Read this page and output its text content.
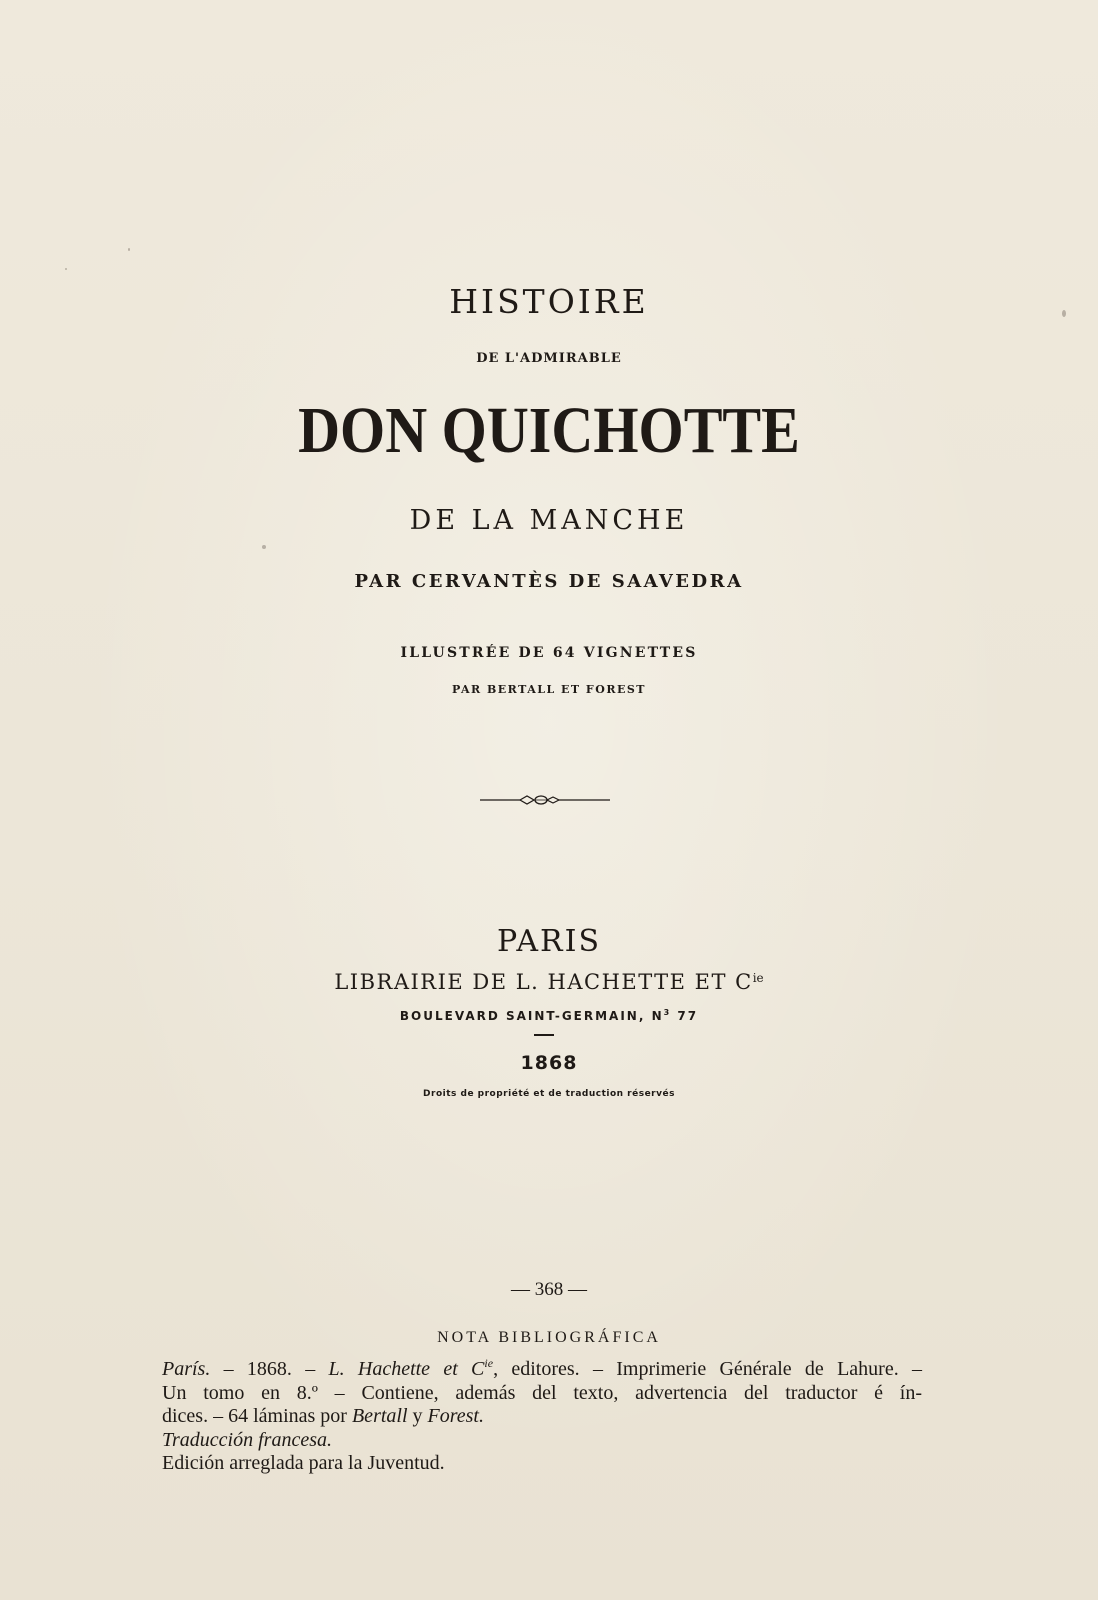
HISTOIRE
DE L'ADMIRABLE
DON QUICHOTTE
DE LA MANCHE
PAR CERVANTÈS DE SAAVEDRA
ILLUSTRÉE DE 64 VIGNETTES
PAR BERTALL ET FOREST
PARIS
LIBRAIRIE DE L. HACHETTE ET $C^{ie}$
BOULEVARD SAINT-GERMAIN, $N^3$ 77
1868
Droits de propriété et de traduction réservés
— 368 —
NOTA BIBLIOGRÁFICA
París. – 1868. – L. Hachette et $C^{ie}$, editores. – Imprimerie Générale de Lahure. –
Un tomo en 8.º – Contiene, además del texto, advertencia del traductor é ín-
dices. – 64 láminas por Bertall y Forest.
Traducción francesa.
Edición arreglada para la Juventud.
